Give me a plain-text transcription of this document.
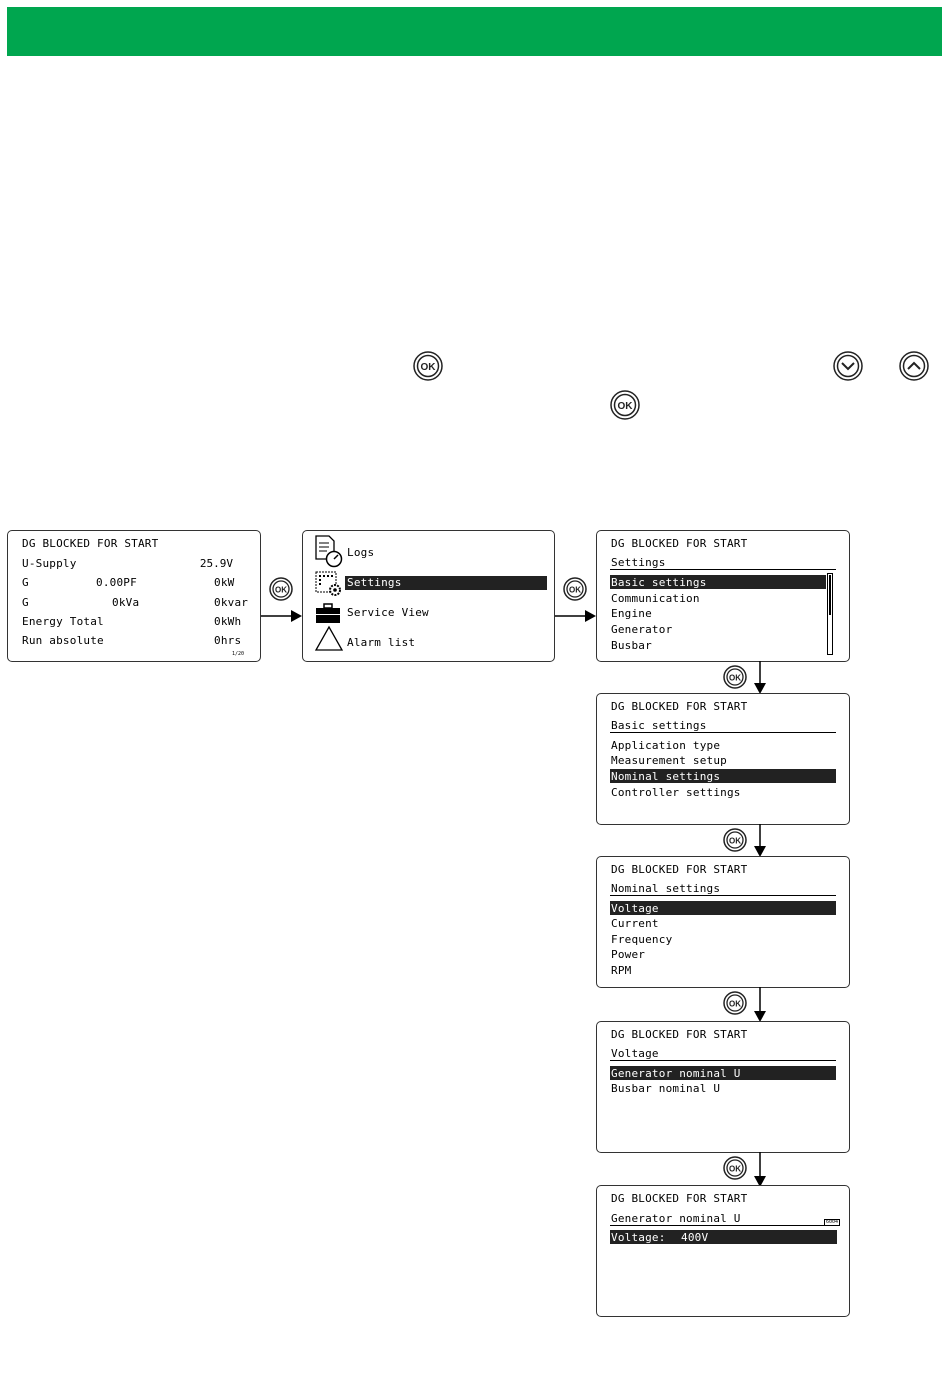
OK
OK
DG BLOCKED FOR START
U-Supply	25.9V
G	0.00PF	0kW
G	0kVa	0kvar
Energy Total	0kWh
Run absolute	0hrs
1/20
OK
Logs
Settings
Service View
Alarm list
OK
DG BLOCKED FOR START
Settings
Basic settings
Communication
Engine
Generator
Busbar
OK
DG BLOCKED FOR START
Basic settings
Application type
Measurement setup
Nominal settings
Controller settings
OK
DG BLOCKED FOR START
Nominal settings
Voltage
Current
Frequency
Power
RPM
OK
DG BLOCKED FOR START
Voltage
Generator nominal U
Busbar nominal U
OK
DG BLOCKED FOR START
Generator nominal U	6004
Voltage: 400V
